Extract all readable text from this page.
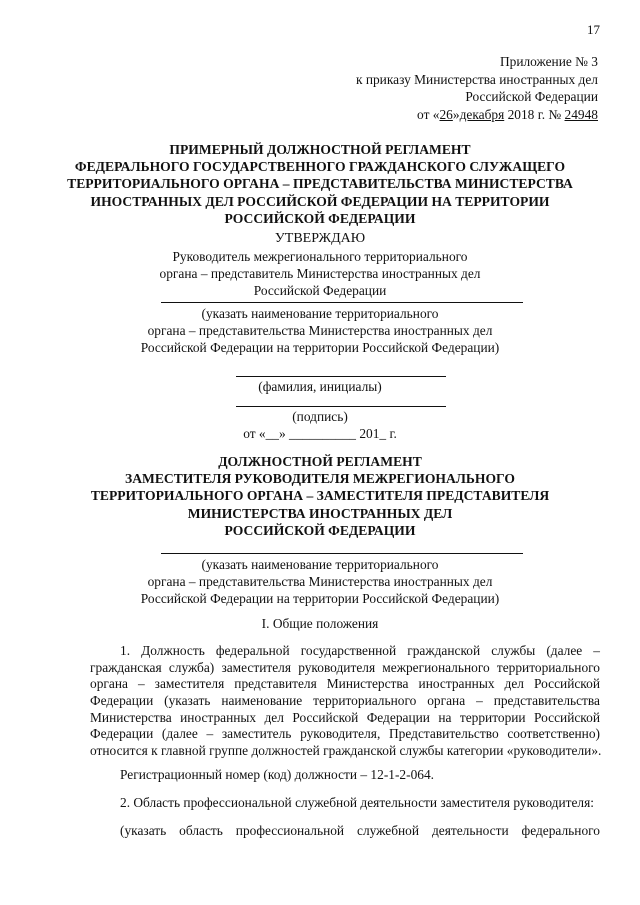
17
Приложение № 3
к приказу Министерства иностранных дел
Российской Федерации
от «26»декабря 2018 г. № 24948
ПРИМЕРНЫЙ ДОЛЖНОСТНОЙ РЕГЛАМЕНТ
ФЕДЕРАЛЬНОГО ГОСУДАРСТВЕННОГО ГРАЖДАНСКОГО СЛУЖАЩЕГО
ТЕРРИТОРИАЛЬНОГО ОРГАНА – ПРЕДСТАВИТЕЛЬСТВА МИНИСТЕРСТВА
ИНОСТРАННЫХ ДЕЛ РОССИЙСКОЙ ФЕДЕРАЦИИ НА ТЕРРИТОРИИ
РОССИЙСКОЙ ФЕДЕРАЦИИ
УТВЕРЖДАЮ
Руководитель межрегионального территориального
органа – представитель Министерства иностранных дел
Российской Федерации
(указать наименование территориального
органа – представительства Министерства иностранных дел
Российской Федерации на территории Российской Федерации)
(фамилия, инициалы)
(подпись)
от «__» __________ 201_ г.
ДОЛЖНОСТНОЙ РЕГЛАМЕНТ
ЗАМЕСТИТЕЛЯ РУКОВОДИТЕЛЯ МЕЖРЕГИОНАЛЬНОГО
ТЕРРИТОРИАЛЬНОГО ОРГАНА – ЗАМЕСТИТЕЛЯ ПРЕДСТАВИТЕЛЯ
МИНИСТЕРСТВА ИНОСТРАННЫХ ДЕЛ
РОССИЙСКОЙ ФЕДЕРАЦИИ
(указать наименование территориального
органа – представительства Министерства иностранных дел
Российской Федерации на территории Российской Федерации)
I. Общие положения
1. Должность федеральной государственной гражданской службы (далее –
гражданская служба) заместителя руководителя межрегионального территориального
органа – заместителя представителя Министерства иностранных дел Российской
Федерации (указать наименование территориального органа – представительства
Министерства иностранных дел Российской Федерации на территории Российской
Федерации (далее – заместитель руководителя, Представительство соответственно)
относится к главной группе должностей гражданской службы категории «руководители».
Регистрационный номер (код) должности – 12-1-2-064.
2. Область профессиональной служебной деятельности заместителя руководителя:
(указать область профессиональной служебной деятельности федерального
